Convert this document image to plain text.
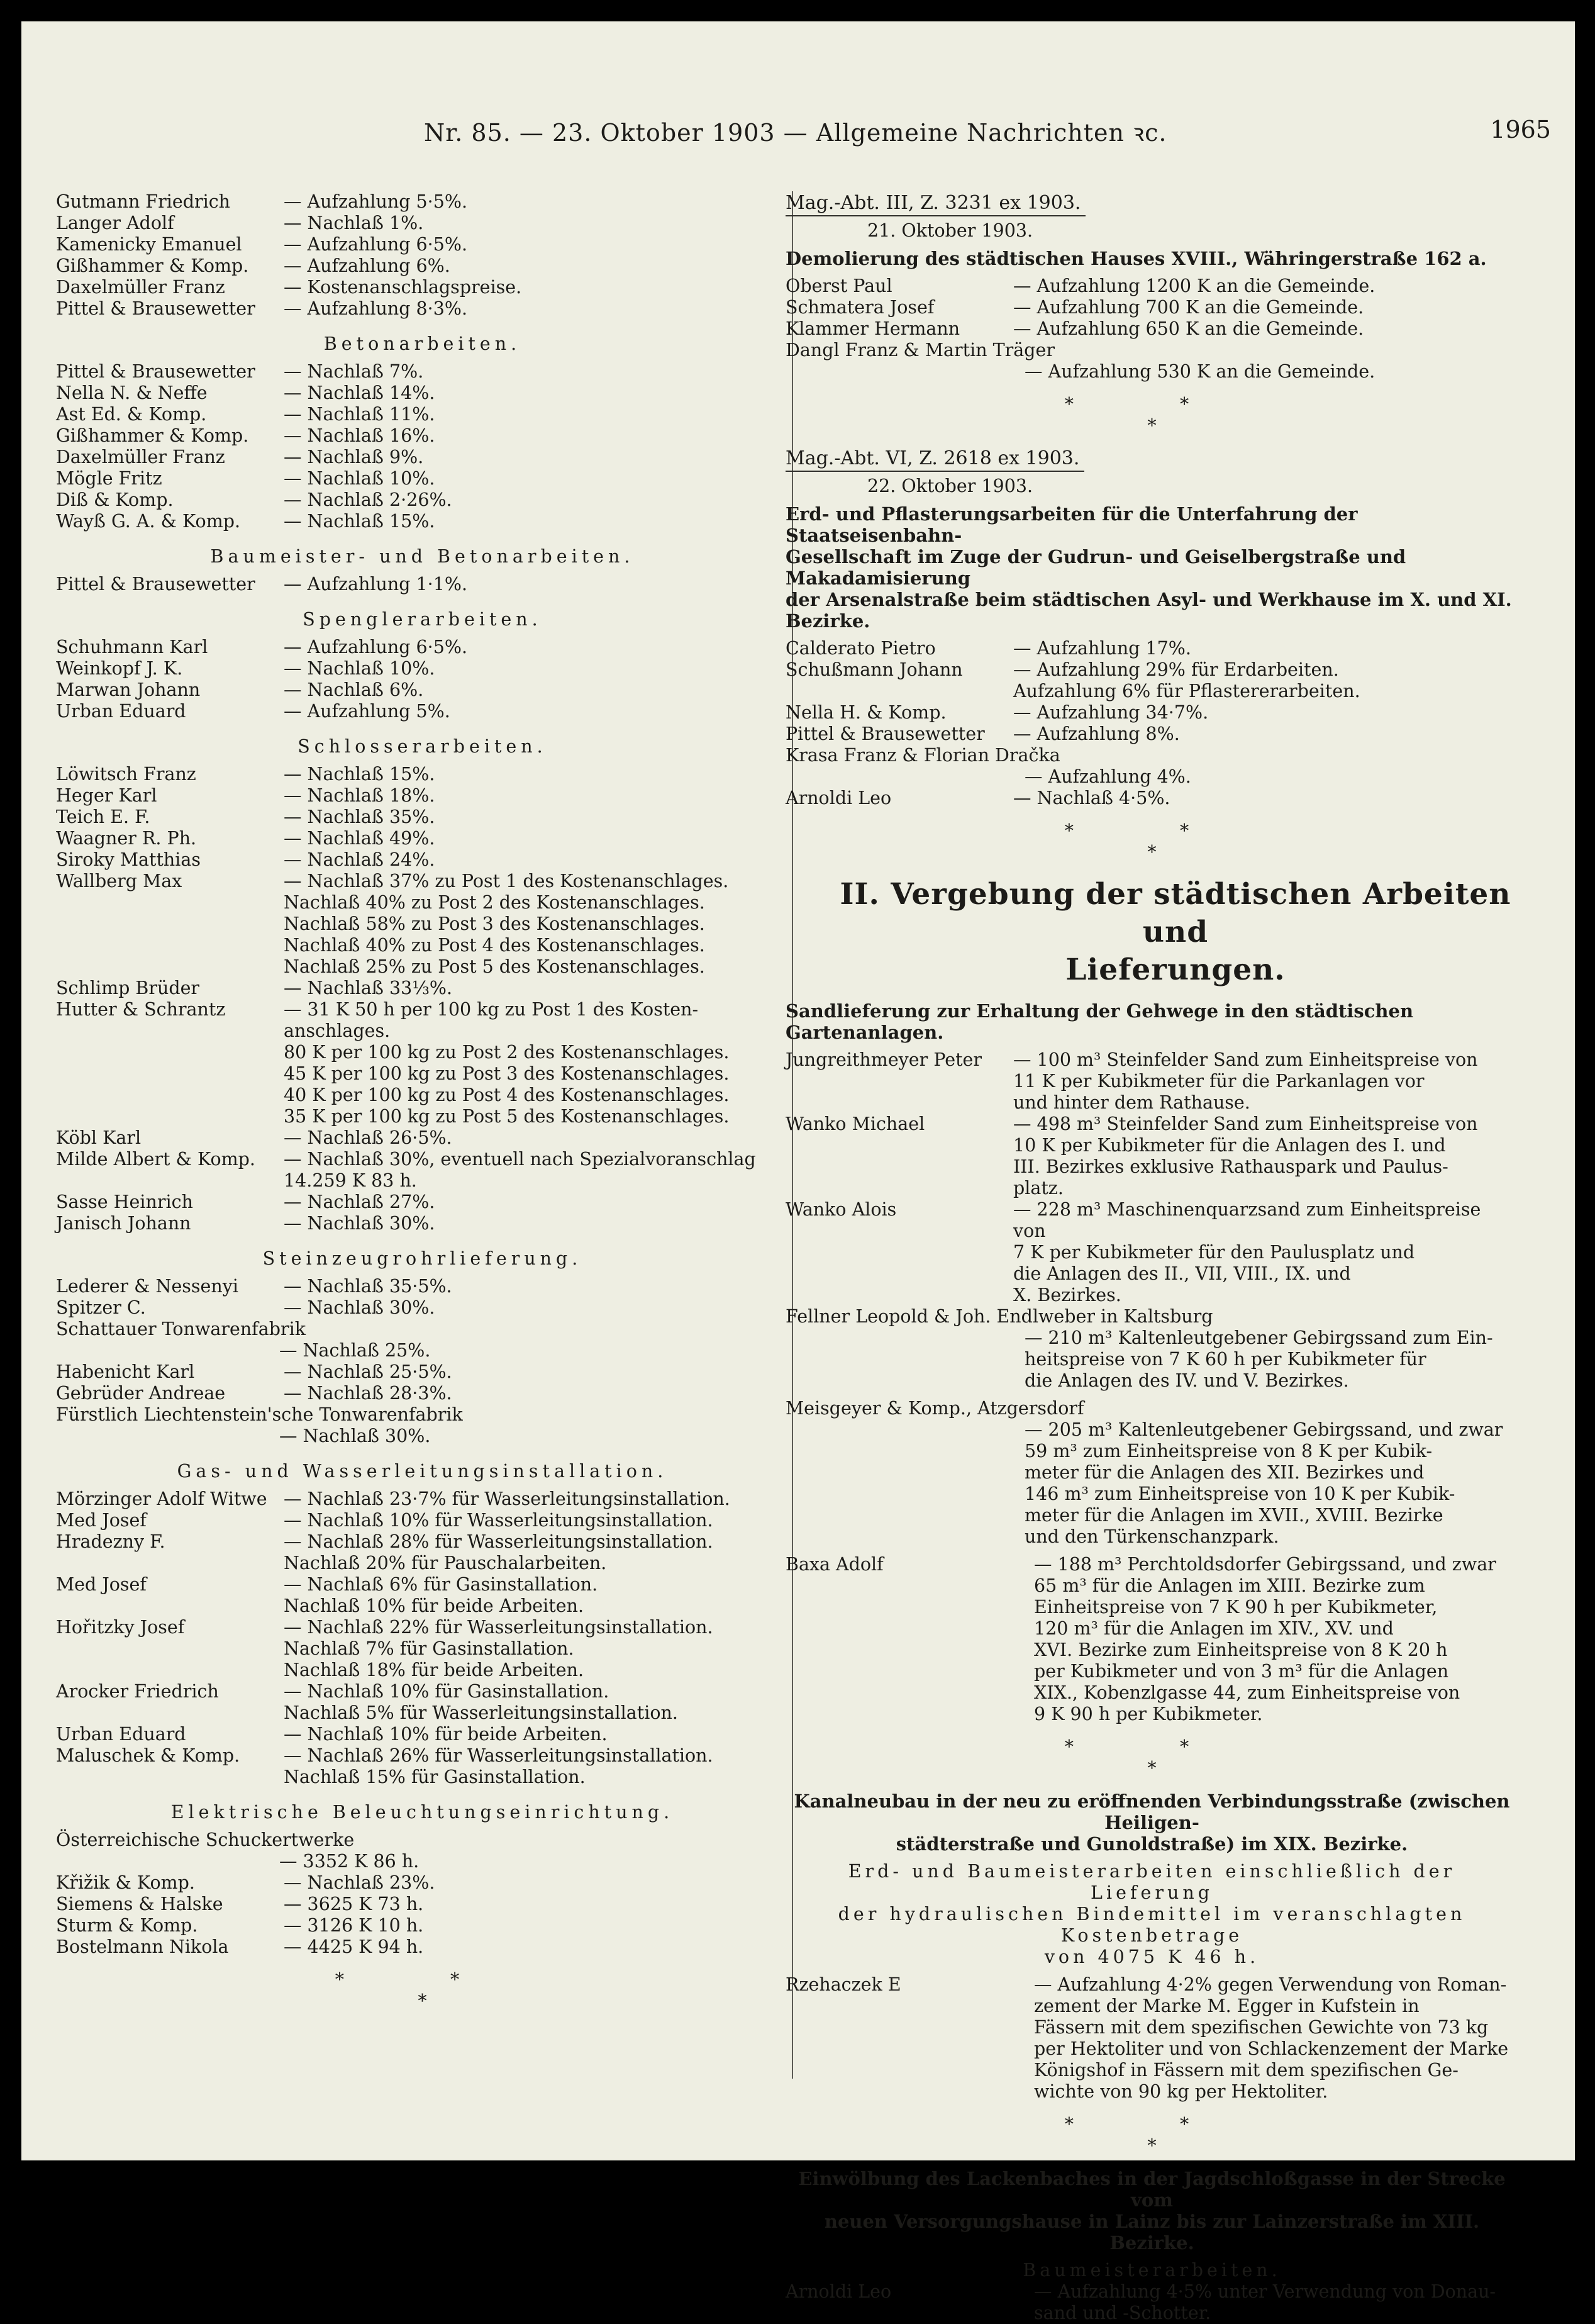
Nr. 85. — 23. Oktober 1903 — Allgemeine Nachrichten ꝛc.	1965
Gutmann Friedrich	— Aufzahlung 5·5%.
Langer Adolf	— Nachlaß 1%.
Kamenicky Emanuel	— Aufzahlung 6·5%.
Gißhammer & Komp.	— Aufzahlung 6%.
Daxelmüller Franz	— Kostenanschlagspreise.
Pittel & Brausewetter	— Aufzahlung 8·3%.
Betonarbeiten.
Pittel & Brausewetter	— Nachlaß 7%.
Nella N. & Neffe	— Nachlaß 14%.
Ast Ed. & Komp.	— Nachlaß 11%.
Gißhammer & Komp.	— Nachlaß 16%.
Daxelmüller Franz	— Nachlaß 9%.
Mögle Fritz	— Nachlaß 10%.
Diß & Komp.	— Nachlaß 2·26%.
Wayß G. A. & Komp.	— Nachlaß 15%.
Baumeister- und Betonarbeiten.
Pittel & Brausewetter	— Aufzahlung 1·1%.
Spenglerarbeiten.
Schuhmann Karl	— Aufzahlung 6·5%.
Weinkopf J. K.	— Nachlaß 10%.
Marwan Johann	— Nachlaß 6%.
Urban Eduard	— Aufzahlung 5%.
Schlosserarbeiten.
Löwitsch Franz	— Nachlaß 15%.
Heger Karl	— Nachlaß 18%.
Teich E. F.	— Nachlaß 35%.
Waagner R. Ph.	— Nachlaß 49%.
Siroky Matthias	— Nachlaß 24%.
Wallberg Max	— Nachlaß 37% zu Post 1 des Kostenanschlages.
Nachlaß 40% zu Post 2 des Kostenanschlages.
Nachlaß 58% zu Post 3 des Kostenanschlages.
Nachlaß 40% zu Post 4 des Kostenanschlages.
Nachlaß 25% zu Post 5 des Kostenanschlages.
Schlimp Brüder	— Nachlaß 33⅓%.
Hutter & Schrantz	— 31 K 50 h per 100 kg zu Post 1 des Kosten-
anschlages.
80 K per 100 kg zu Post 2 des Kostenanschlages.
45 K per 100 kg zu Post 3 des Kostenanschlages.
40 K per 100 kg zu Post 4 des Kostenanschlages.
35 K per 100 kg zu Post 5 des Kostenanschlages.
Köbl Karl	— Nachlaß 26·5%.
Milde Albert & Komp.	— Nachlaß 30%, eventuell nach Spezialvoranschlag
14.259 K 83 h.
Sasse Heinrich	— Nachlaß 27%.
Janisch Johann	— Nachlaß 30%.
Steinzeugrohrlieferung.
Lederer & Nessenyi	— Nachlaß 35·5%.
Spitzer C.	— Nachlaß 30%.
Schattauer Tonwarenfabrik
— Nachlaß 25%.
Habenicht Karl	— Nachlaß 25·5%.
Gebrüder Andreae	— Nachlaß 28·3%.
Fürstlich Liechtenstein'sche Tonwarenfabrik
— Nachlaß 30%.
Gas- und Wasserleitungsinstallation.
Mörzinger Adolf Witwe — Nachlaß 23·7% für Wasserleitungsinstallation.
Med Josef	— Nachlaß 10% für Wasserleitungsinstallation.
Hradezny F.	— Nachlaß 28% für Wasserleitungsinstallation.
Nachlaß 20% für Pauschalarbeiten.
Med Josef	— Nachlaß 6% für Gasinstallation.
Nachlaß 10% für beide Arbeiten.
Hořitzky Josef	— Nachlaß 22% für Wasserleitungsinstallation.
Nachlaß 7% für Gasinstallation.
Nachlaß 18% für beide Arbeiten.
Arocker Friedrich	— Nachlaß 10% für Gasinstallation.
Nachlaß 5% für Wasserleitungsinstallation.
Urban Eduard	— Nachlaß 10% für beide Arbeiten.
Maluschek & Komp.	— Nachlaß 26% für Wasserleitungsinstallation.
Nachlaß 15% für Gasinstallation.
Elektrische Beleuchtungseinrichtung.
Österreichische Schuckertwerke
— 3352 K 86 h.
Křižik & Komp.	— Nachlaß 23%.
Siemens & Halske	— 3625 K 73 h.
Sturm & Komp.	— 3126 K 10 h.
Bostelmann Nikola	— 4425 K 94 h.
* *
*
Mag.-Abt. III, Z. 3231 ex 1903.
21. Oktober 1903.
Demolierung des städtischen Hauses XVIII., Währingerstraße 162 a.
Oberst Paul	— Aufzahlung 1200 K an die Gemeinde.
Schmatera Josef	— Aufzahlung 700 K an die Gemeinde.
Klammer Hermann	— Aufzahlung 650 K an die Gemeinde.
Dangl Franz & Martin Träger
— Aufzahlung 530 K an die Gemeinde.
* *
*
Mag.-Abt. VI, Z. 2618 ex 1903.
22. Oktober 1903.
Erd- und Pflasterungsarbeiten für die Unterfahrung der Staatseisenbahn-
Gesellschaft im Zuge der Gudrun- und Geiselbergstraße und Makadamisierung
der Arsenalstraße beim städtischen Asyl- und Werkhause im X. und XI. Bezirke.
Calderato Pietro	— Aufzahlung 17%.
Schußmann Johann	— Aufzahlung 29% für Erdarbeiten.
Aufzahlung 6% für Pflastererarbeiten.
Nella H. & Komp.	— Aufzahlung 34·7%.
Pittel & Brausewetter	— Aufzahlung 8%.
Krasa Franz & Florian Dračka
— Aufzahlung 4%.
Arnoldi Leo	— Nachlaß 4·5%.
* *
*
II. Vergebung der städtischen Arbeiten und
Lieferungen.
Sandlieferung zur Erhaltung der Gehwege in den städtischen Gartenanlagen.
Jungreithmeyer Peter	— 100 m³ Steinfelder Sand zum Einheitspreise von
11 K per Kubikmeter für die Parkanlagen vor
und hinter dem Rathause.
Wanko Michael	— 498 m³ Steinfelder Sand zum Einheitspreise von
10 K per Kubikmeter für die Anlagen des I. und
III. Bezirkes exklusive Rathauspark und Paulus-
platz.
Wanko Alois	— 228 m³ Maschinenquarzsand zum Einheitspreise von
7 K per Kubikmeter für den Paulusplatz und
die Anlagen des II., VII, VIII., IX. und
X. Bezirkes.
Fellner Leopold & Joh. Endlweber in Kaltsburg
— 210 m³ Kaltenleutgebener Gebirgssand zum Ein-
heitspreise von 7 K 60 h per Kubikmeter für
die Anlagen des IV. und V. Bezirkes.
Meisgeyer & Komp., Atzgersdorf
— 205 m³ Kaltenleutgebener Gebirgssand, und zwar
59 m³ zum Einheitspreise von 8 K per Kubik-
meter für die Anlagen des XII. Bezirkes und
146 m³ zum Einheitspreise von 10 K per Kubik-
meter für die Anlagen im XVII., XVIII. Bezirke
und den Türkenschanzpark.
Baxa Adolf	— 188 m³ Perchtoldsdorfer Gebirgssand, und zwar
65 m³ für die Anlagen im XIII. Bezirke zum
Einheitspreise von 7 K 90 h per Kubikmeter,
120 m³ für die Anlagen im XIV., XV. und
XVI. Bezirke zum Einheitspreise von 8 K 20 h
per Kubikmeter und von 3 m³ für die Anlagen
XIX., Kobenzlgasse 44, zum Einheitspreise von
9 K 90 h per Kubikmeter.
* *
*
Kanalneubau in der neu zu eröffnenden Verbindungsstraße (zwischen Heiligen-
städterstraße und Gunoldstraße) im XIX. Bezirke.
Erd- und Baumeisterarbeiten einschließlich der Lieferung
der hydraulischen Bindemittel im veranschlagten Kostenbetrage
von 4075 K 46 h.
Rzehaczek E	— Aufzahlung 4·2% gegen Verwendung von Roman-
zement der Marke M. Egger in Kufstein in
Fässern mit dem spezifischen Gewichte von 73 kg
per Hektoliter und von Schlackenzement der Marke
Königshof in Fässern mit dem spezifischen Ge-
wichte von 90 kg per Hektoliter.
* *
*
Einwölbung des Lackenbaches in der Jagdschloßgasse in der Strecke vom
neuen Versorgungshause in Lainz bis zur Lainzerstraße im XIII. Bezirke.
Baumeisterarbeiten.
Arnoldi Leo	— Aufzahlung 4·5% unter Verwendung von Donau-
sand und -Schotter.
